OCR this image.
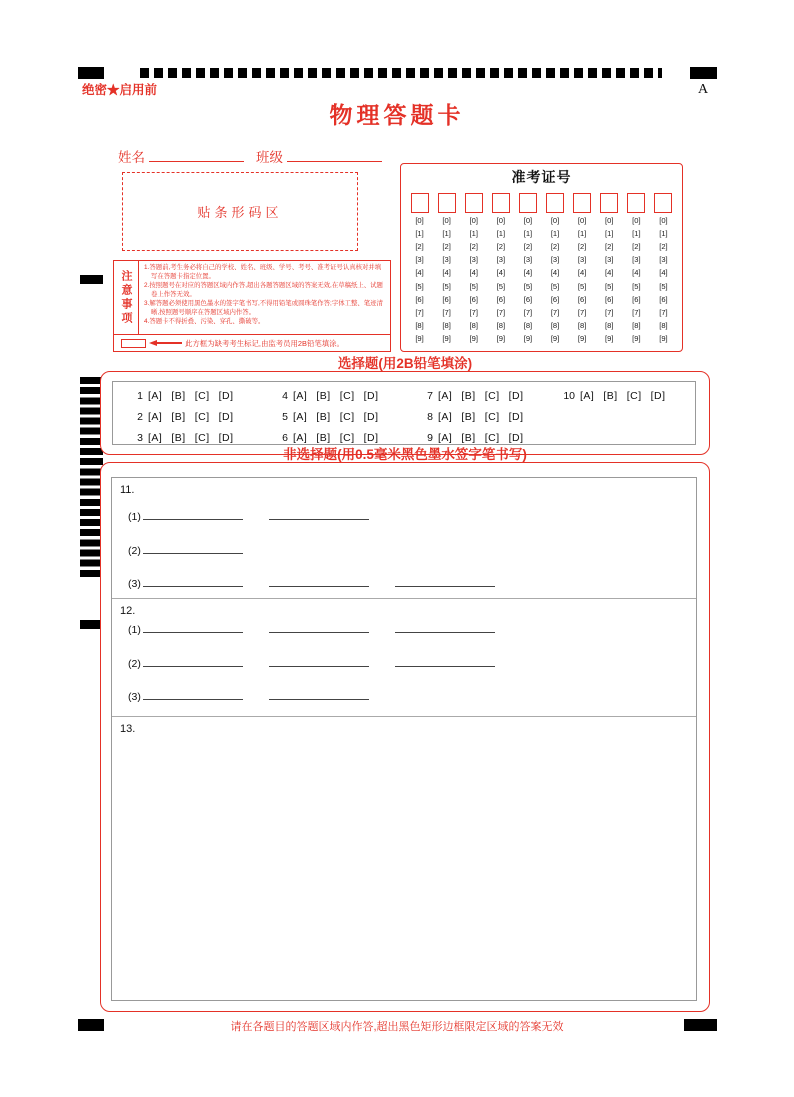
绝密★启用前	A
物理答题卡
姓名	班级
贴条形码区
注意事项
1.答题前,考生务必将自己的学校、姓名、班级、学号、考号、准考证号认真核对并填写在答题卡指定位置。
2.按照题号在对应的答题区域内作答,超出各题答题区域的答案无效,在草稿纸上、试题卷上作答无效。
3.解答题必须使用黑色墨水的签字笔书写,不得用铅笔或圆珠笔作答;字体工整、笔迹清晰,按照题号顺序在答题区域内作答。
4.答题卡不得折叠、污染、穿孔、撕破等。
此方框为缺考考生标记,由监考员用2B铅笔填涂。
准考证号
[0] [0] [0] [0] [0] [0] [0] [0] [0] [0]
[1] [1] [1] [1] [1] [1] [1] [1] [1] [1]
[2] [2] [2] [2] [2] [2] [2] [2] [2] [2]
[3] [3] [3] [3] [3] [3] [3] [3] [3] [3]
[4] [4] [4] [4] [4] [4] [4] [4] [4] [4]
[5] [5] [5] [5] [5] [5] [5] [5] [5] [5]
[6] [6] [6] [6] [6] [6] [6] [6] [6] [6]
[7] [7] [7] [7] [7] [7] [7] [7] [7] [7]
[8] [8] [8] [8] [8] [8] [8] [8] [8] [8]
[9] [9] [9] [9] [9] [9] [9] [9] [9] [9]
选择题(用2B铅笔填涂)
1 [A] [B] [C] [D]
2 [A] [B] [C] [D]
3 [A] [B] [C] [D]
4 [A] [B] [C] [D]
5 [A] [B] [C] [D]
6 [A] [B] [C] [D]
7 [A] [B] [C] [D]
8 [A] [B] [C] [D]
9 [A] [B] [C] [D]
10 [A] [B] [C] [D]
非选择题(用0.5毫米黑色墨水签字笔书写)
11.
(1)
(2)
(3)
12.
(1)
(2)
(3)
13.
请在各题目的答题区域内作答,超出黑色矩形边框限定区域的答案无效
